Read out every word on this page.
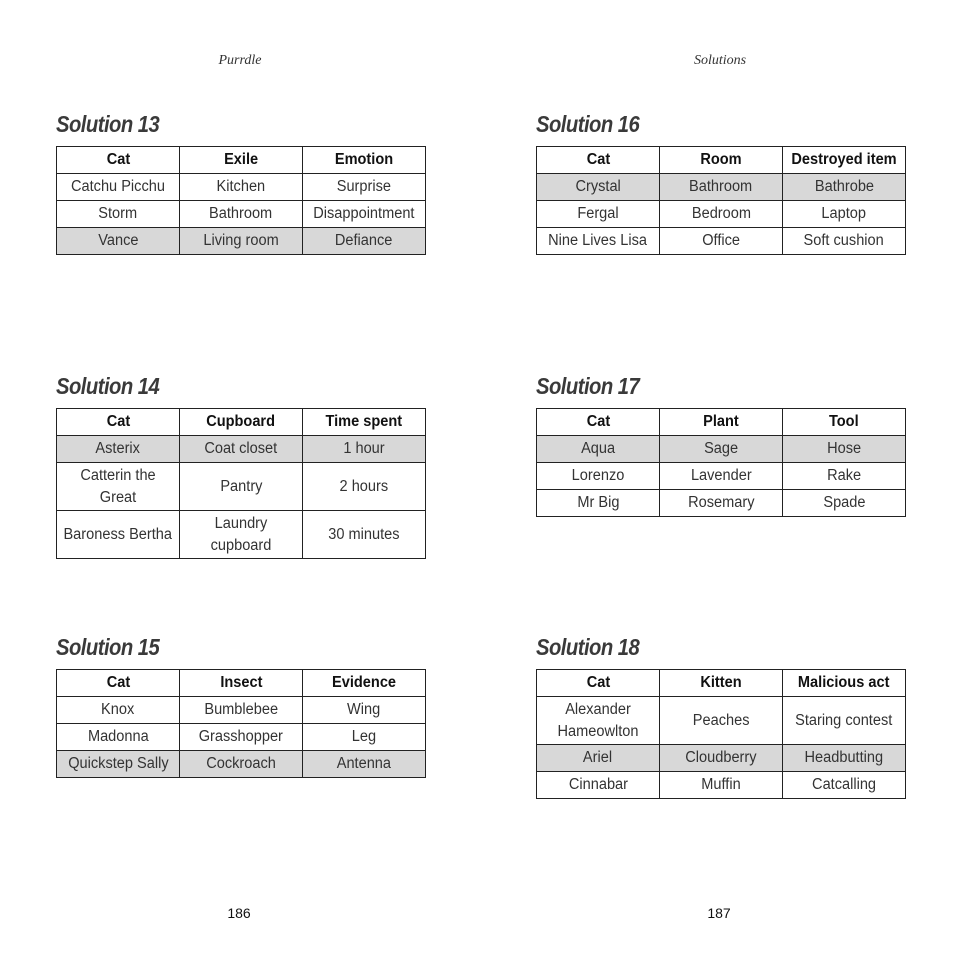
Purrdle	Solutions
Solution 13
Cat	Exile	Emotion
Catchu Picchu	Kitchen	Surprise
Storm	Bathroom	Disappointment
Vance	Living room	Defiance
Solution 14
Cat	Cupboard	Time spent
Asterix	Coat closet	1 hour
Catterin the Great	Pantry	2 hours
Baroness Bertha	Laundry cupboard	30 minutes
Solution 15
Cat	Insect	Evidence
Knox	Bumblebee	Wing
Madonna	Grasshopper	Leg
Quickstep Sally	Cockroach	Antenna
Solution 16
Cat	Room	Destroyed item
Crystal	Bathroom	Bathrobe
Fergal	Bedroom	Laptop
Nine Lives Lisa	Office	Soft cushion
Solution 17
Cat	Plant	Tool
Aqua	Sage	Hose
Lorenzo	Lavender	Rake
Mr Big	Rosemary	Spade
Solution 18
Cat	Kitten	Malicious act
Alexander Hameowlton	Peaches	Staring contest
Ariel	Cloudberry	Headbutting
Cinnabar	Muffin	Catcalling
186	187
